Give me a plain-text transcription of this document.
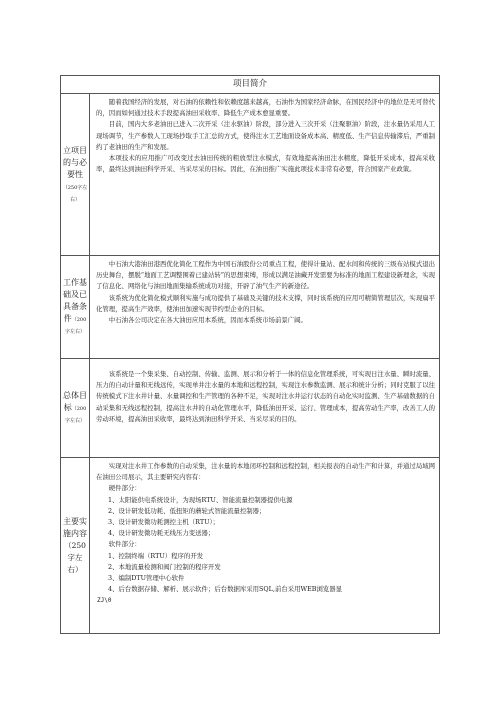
项目简介
立项目的与必要性（250字左右）

随着我国经济的发展，对石油的依赖性和依赖度越来越高，石油作为国家经济命脉，在国民经济中的地位是无可替代的，因而如何通过技术手段提高油田采收率、降低生产成本愈显重要。

目前，国内大多老油田已进入二次开采（注水驱油）阶段，部分进入三次开采（注聚驱油）阶段，注水量仍采用人工现场调节，生产参数人工现场抄取手工汇总的方式，使得注水工艺地面设备成本高、精度低、生产信息传输滞后，严重制约了老油田的生产和发展。

本项技术的应用推广可改变过去油田传统的粗放型注水模式，有效地提高油田注水精度，降低开采成本，提高采收率，最终达到油田科学开采、当采尽采的目标。因此，在油田推广实施此项技术非常有必要，符合国家产业政策。

工作基础及已具备条件（200字左右）

中石油大港油田港西优化简化工程作为中国石油股份公司重点工程，使得计量站、配水间和传统的三级布站模式退出历史舞台，摆脱“地面工艺调整围着已建站转”的思想束缚，形成以满足油藏开发需要为标准的地面工程建设新理念，实现了信息化、网络化与油田地面集输系统成功对接，开辟了油气生产的新途径。

该系统为优化简化模式顺利实施与成功提供了基础及关键的技术支撑，同时该系统的应用可精简管理层次，实现扁平化管理，提高生产效率，使油田加速实现节约型企业的目标。

中石油各公司决定在各大油田应用本系统，因而本系统市场前景广阔。

总体目标（200字左右）

该系统是一个集采集、自动控制、传输、监测、展示和分析于一体的信息化管理系统，可实现日注水量、瞬时流量、压力的自动计量和无线远传，实现单井注水量的本地和远程控制，实现注水参数监测、展示和统计分析；同时克服了以往传统模式下注水井计量、水量调控和生产管理的各种不足，实现对注水井运行状态的自动化实时监测、生产基础数据的自动采集和无线远程控制，提高注水井的自动化管理水平，降低油田开采、运行、管理成本，提高劳动生产率，改善工人的劳动环境，提高油田采收率，最终达到油田科学开采、当采尽采的目的。

主要实施内容（250字左右）

实现对注水井工作参数的自动采集，注水量的本地闭环控制和远程控制，相关报表的自动生产和计算，并通过局域网在油田公司展示，其主要研究内容有：

硬件部分：

1、太阳能供电系统设计，为现场RTU、智能流量控制器提供电源
2、设计研发低功耗、低扭矩的蘑轮式智能流量控制器；
3、设计研发微功耗测控主机（RTU）；
4、设计研发微功耗无线压力变送器；

软件部分：

1、控制终端（RTU）程序的开发
2、本地流量检测和阀门控制的程序开发
3、编制DTU管理中心软件
4、后台数据存储、解析、展示软件；后台数据库采用SQL,前台采用WEB浏览器显
ZJ\0
